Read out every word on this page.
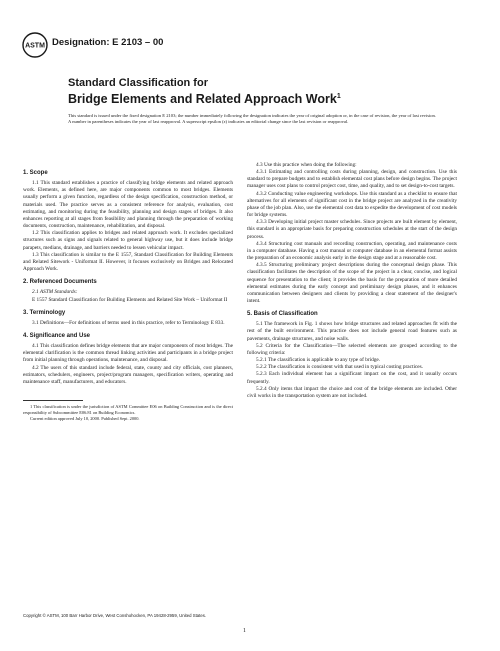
ASTM Designation: E 2103 – 00
Standard Classification for
Bridge Elements and Related Approach Work$^1$
This standard is issued under the fixed designation E 2103; the number immediately following the designation indicates the year of original adoption or, in the case of revision, the year of last revision. A number in parentheses indicates the year of last reapproval. A superscript epsilon (ε) indicates an editorial change since the last revision or reapproval.
1. Scope

1.1 This standard establishes a practice of classifying bridge elements and related approach work. Elements, as defined here, are major components common to most bridges. Elements usually perform a given function, regardless of the design specification, construction method, or materials used. The practice serves as a consistent reference for analysis, evaluation, cost estimating, and monitoring during the feasibility, planning and design stages of bridges. It also enhances reporting at all stages from feasibility and planning through the preparation of working documents, construction, maintenance, rehabilitation, and disposal.

1.2 This classification applies to bridges and related approach work. It excludes specialized structures such as signs and signals related to general highway use, but it does include bridge parapets, medians, drainage, and barriers needed to lessen vehicular impact.

1.3 This classification is similar to the E 1557, Standard Classification for Building Elements and Related Sitework - Uniformat II. However, it focuses exclusively on Bridges and Relocated Approach Work.

2. Referenced Documents

2.1 ASTM Standards:

E 1557 Standard Classification for Building Elements and Related Site Work – Uniformat II

3. Terminology

3.1 Definitions—For definitions of terms used in this practice, refer to Terminology E 833.

4. Significance and Use

4.1 This classification defines bridge elements that are major components of most bridges. The elemental clarification is the common thread linking activities and participants in a bridge project from initial planning through operations, maintenance, and disposal.

4.2 The users of this standard include federal, state, county and city officials, cost planners, estimators, schedulers, engineers, project/program managers, specification writers, operating and maintenance staff, manufacturers, and educators.

1 This classification is under the jurisdiction of ASTM Committee E06 on Building Construction and is the direct responsibility of Subcommittee E06.81 on Building Economics.

Current edition approved July 10, 2000. Published Sept. 2000.

4.3 Use this practice when doing the following:

4.3.1 Estimating and controlling costs during planning, design, and construction. Use this standard to prepare budgets and to establish elemental cost plans before design begins. The project manager uses cost plans to control project cost, time, and quality, and to set design-to-cost targets.

4.3.2 Conducting value engineering workshops. Use this standard as a checklist to ensure that alternatives for all elements of significant cost in the bridge project are analyzed in the creativity phase of the job plan. Also, use the elemental cost data to expedite the development of cost models for bridge systems.

4.3.3 Developing initial project master schedules. Since projects are built element by element, this standard is an appropriate basis for preparing construction schedules at the start of the design process.

4.3.4 Structuring cost manuals and recording construction, operating, and maintenance costs in a computer database. Having a cost manual or computer database in an elemental format assists the preparation of an economic analysis early in the design stage and at a reasonable cost.

4.3.5 Structuring preliminary project descriptions during the conceptual design phase. This classification facilitates the description of the scope of the project in a clear, concise, and logical sequence for presentation to the client; it provides the basis for the preparation of more detailed elemental estimates during the early concept and preliminary design phases, and it enhances communication between designers and clients by providing a clear statement of the designer's intent.

5. Basis of Classification

5.1 The framework in Fig. 1 shows how bridge structures and related approaches fit with the rest of the built environment. This practice does not include general road features such as pavements, drainage structures, and noise walls.

5.2 Criteria for the Classification—The selected elements are grouped according to the following criteria:

5.2.1 The classification is applicable to any type of bridge.

5.2.2 The classification is consistent with that used in typical costing practices.

5.2.3 Each individual element has a significant impact on the cost, and it usually occurs frequently.

5.2.4 Only items that impact the choice and cost of the bridge elements are included. Other civil works in the transportation system are not included.

Copyright © ASTM, 100 Barr Harbor Drive, West Conshohocken, PA 19428-2959, United States.
1
